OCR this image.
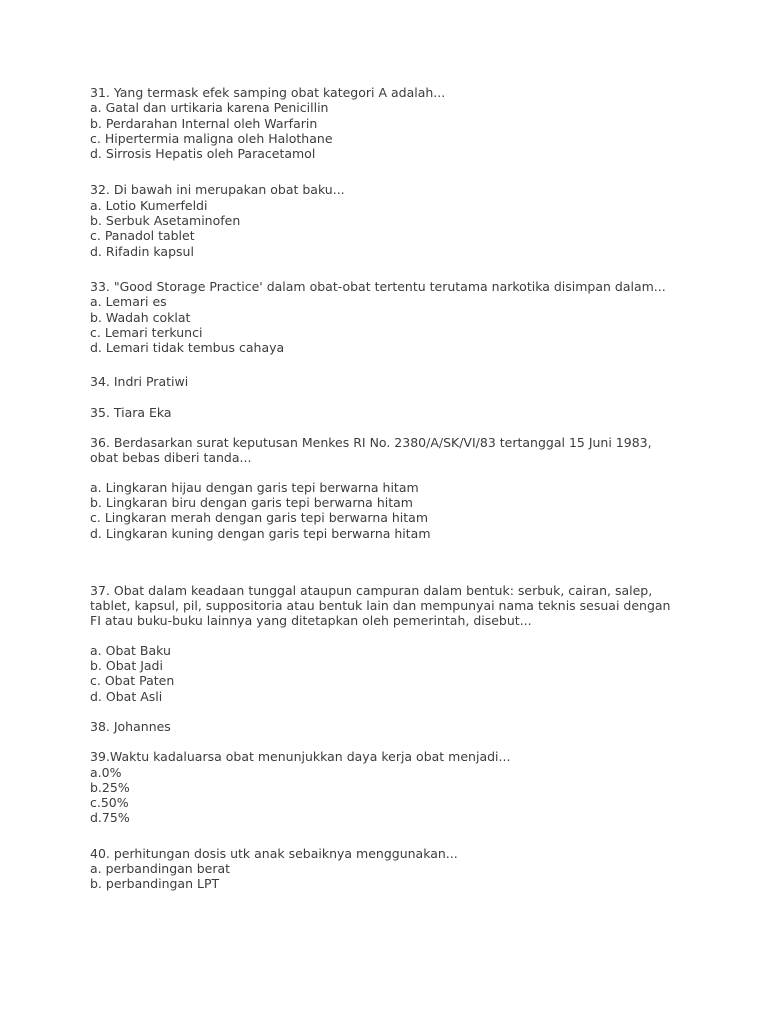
31. Yang termask efek samping obat kategori A adalah...
a. Gatal dan urtikaria karena Penicillin
b. Perdarahan Internal oleh Warfarin
c. Hipertermia maligna oleh Halothane
d. Sirrosis Hepatis oleh Paracetamol
32. Di bawah ini merupakan obat baku...
a. Lotio Kumerfeldi
b. Serbuk Asetaminofen
c. Panadol tablet
d. Rifadin kapsul
33. "Good Storage Practice' dalam obat-obat tertentu terutama narkotika disimpan dalam...
a. Lemari es
b. Wadah coklat
c. Lemari terkunci
d. Lemari tidak tembus cahaya
34. Indri Pratiwi
35. Tiara Eka
36. Berdasarkan surat keputusan Menkes RI No. 2380/A/SK/VI/83 tertanggal 15 Juni 1983,
obat bebas diberi tanda...
a. Lingkaran hijau dengan garis tepi berwarna hitam
b. Lingkaran biru dengan garis tepi berwarna hitam
c. Lingkaran merah dengan garis tepi berwarna hitam
d. Lingkaran kuning dengan garis tepi berwarna hitam
37. Obat dalam keadaan tunggal ataupun campuran dalam bentuk: serbuk, cairan, salep,
tablet, kapsul, pil, suppositoria atau bentuk lain dan mempunyai nama teknis sesuai dengan
FI atau buku-buku lainnya yang ditetapkan oleh pemerintah, disebut...
a. Obat Baku
b. Obat Jadi
c. Obat Paten
d. Obat Asli
38. Johannes
39.Waktu kadaluarsa obat menunjukkan daya kerja obat menjadi...
a.0%
b.25%
c.50%
d.75%
40. perhitungan dosis utk anak sebaiknya menggunakan...
a. perbandingan berat
b. perbandingan LPT
